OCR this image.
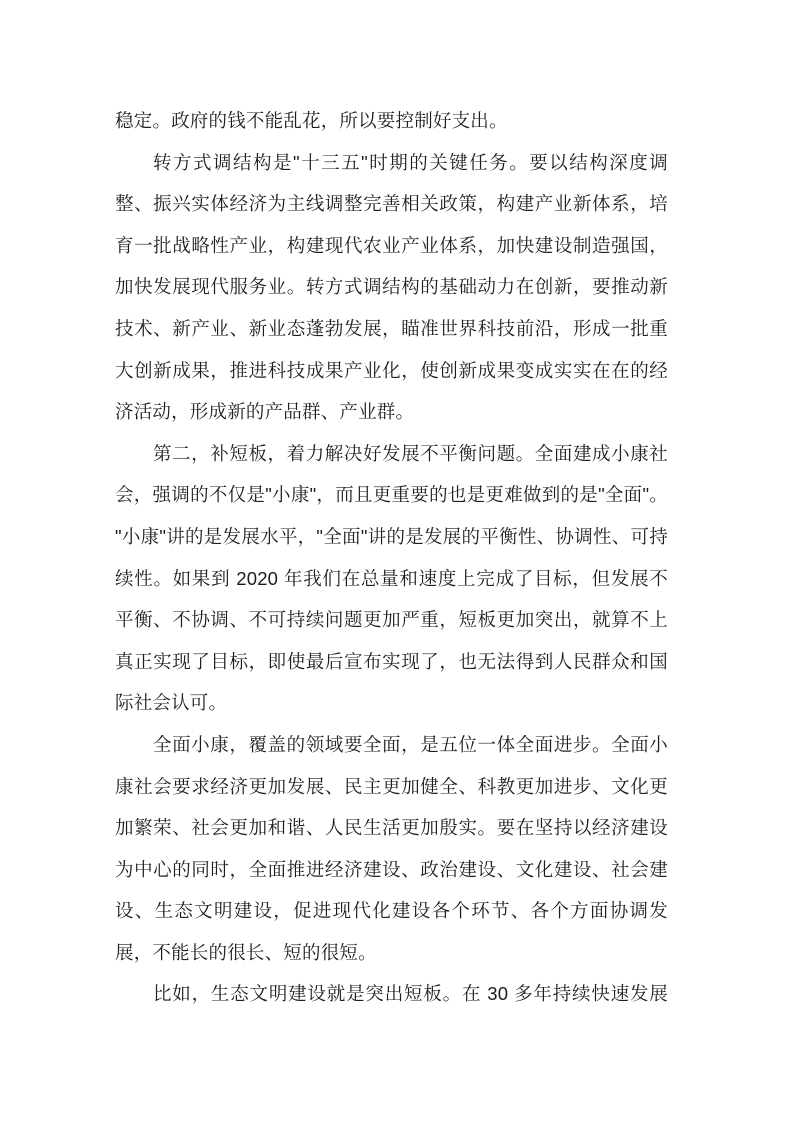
稳定。政府的钱不能乱花，所以要控制好支出。
转方式调结构是"十三五"时期的关键任务。要以结构深度调
整、振兴实体经济为主线调整完善相关政策，构建产业新体系，培
育一批战略性产业，构建现代农业产业体系，加快建设制造强国，
加快发展现代服务业。转方式调结构的基础动力在创新，要推动新
技术、新产业、新业态蓬勃发展，瞄准世界科技前沿，形成一批重
大创新成果，推进科技成果产业化，使创新成果变成实实在在的经
济活动，形成新的产品群、产业群。
第二，补短板，着力解决好发展不平衡问题。全面建成小康社
会，强调的不仅是"小康"，而且更重要的也是更难做到的是"全面"。
"小康"讲的是发展水平，"全面"讲的是发展的平衡性、协调性、可持
续性。如果到 2020 年我们在总量和速度上完成了目标，但发展不
平衡、不协调、不可持续问题更加严重，短板更加突出，就算不上
真正实现了目标，即使最后宣布实现了，也无法得到人民群众和国
际社会认可。
全面小康，覆盖的领域要全面，是五位一体全面进步。全面小
康社会要求经济更加发展、民主更加健全、科教更加进步、文化更
加繁荣、社会更加和谐、人民生活更加殷实。要在坚持以经济建设
为中心的同时，全面推进经济建设、政治建设、文化建设、社会建
设、生态文明建设，促进现代化建设各个环节、各个方面协调发
展，不能长的很长、短的很短。
比如，生态文明建设就是突出短板。在 30 多年持续快速发展
